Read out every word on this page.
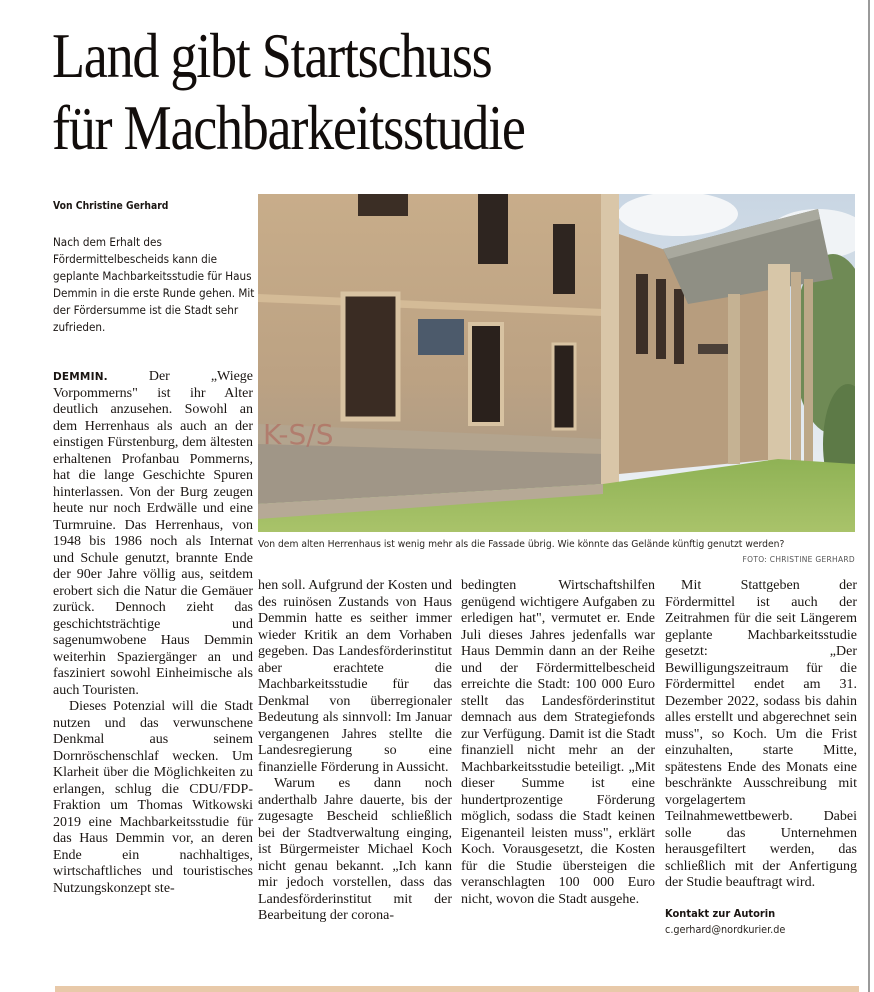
Land gibt Startschuss
für Machbarkeitsstudie
Von Christine Gerhard
Nach dem Erhalt des Fördermittelbescheids kann die geplante Machbarkeitsstudie für Haus Demmin in die erste Runde gehen. Mit der Fördersumme ist die Stadt sehr zufrieden.
K-S/S
Von dem alten Herrenhaus ist wenig mehr als die Fassade übrig. Wie könnte das Gelände künftig genutzt werden?
FOTO: CHRISTINE GERHARD

DEMMIN.	Der „Wiege Vorpommerns" ist ihr Alter deutlich anzusehen. Sowohl an dem Herrenhaus als auch an der einstigen Fürstenburg, dem ältesten erhaltenen Profanbau Pommerns, hat die lange Geschichte Spuren hinterlassen. Von der Burg zeugen heute nur noch Erdwälle und eine Turmruine. Das Herrenhaus, von 1948 bis 1986 noch als Internat und Schule genutzt, brannte Ende der 90er Jahre völlig aus, seitdem erobert sich die Natur die Gemäuer zurück. Dennoch zieht das geschichtsträchtige und sagenumwobene Haus Demmin weiterhin Spaziergänger an und fasziniert sowohl Einheimische als auch Touristen.

Dieses Potenzial will die Stadt nutzen und das verwunschene Denkmal aus seinem Dornröschenschlaf wecken. Um Klarheit über die Möglichkeiten zu erlangen, schlug die CDU/FDP-Fraktion um Thomas Witkowski 2019 eine Machbarkeitsstudie für das Haus Demmin vor, an deren Ende ein nachhaltiges, wirtschaftliches und touristisches Nutzungskonzept ste-

hen soll. Aufgrund der Kosten und des ruinösen Zustands von Haus Demmin hatte es seither immer wieder Kritik an dem Vorhaben gegeben. Das Landesförderinstitut aber erachtete die Machbarkeitsstudie für das Denkmal von überregionaler Bedeutung als sinnvoll: Im Januar vergangenen Jahres stellte die Landesregierung so eine finanzielle Förderung in Aussicht.

Warum es dann noch anderthalb Jahre dauerte, bis der zugesagte Bescheid schließlich bei der Stadtverwaltung einging, ist Bürgermeister Michael Koch nicht genau bekannt. „Ich kann mir jedoch vorstellen, dass das Landesförderinstitut mit der Bearbeitung der corona-

bedingten Wirtschaftshilfen genügend wichtigere Aufgaben zu erledigen hat", vermutet er. Ende Juli dieses Jahres jedenfalls war Haus Demmin dann an der Reihe und der Fördermittelbescheid erreichte die Stadt: 100 000 Euro stellt das Landesförderinstitut demnach aus dem Strategiefonds zur Verfügung. Damit ist die Stadt finanziell nicht mehr an der Machbarkeitsstudie beteiligt. „Mit dieser Summe ist eine hundertprozentige Förderung möglich, sodass die Stadt keinen Eigenanteil leisten muss", erklärt Koch. Vorausgesetzt, die Kosten für die Studie übersteigen die veranschlagten 100 000 Euro nicht, wovon die Stadt ausgehe.

Mit Stattgeben der Fördermittel ist auch der Zeitrahmen für die seit Längerem geplante Machbarkeitsstudie gesetzt: „Der Bewilligungszeitraum für die Fördermittel endet am 31. Dezember 2022, sodass bis dahin alles erstellt und abgerechnet sein muss", so Koch. Um die Frist einzuhalten, starte Mitte, spätestens Ende des Monats eine beschränkte Ausschreibung mit vorgelagertem Teilnahmewettbewerb. Dabei solle das Unternehmen herausgefiltert werden, das schließlich mit der Anfertigung der Studie beauftragt wird.

Kontakt zur Autorin
c.gerhard@nordkurier.de
